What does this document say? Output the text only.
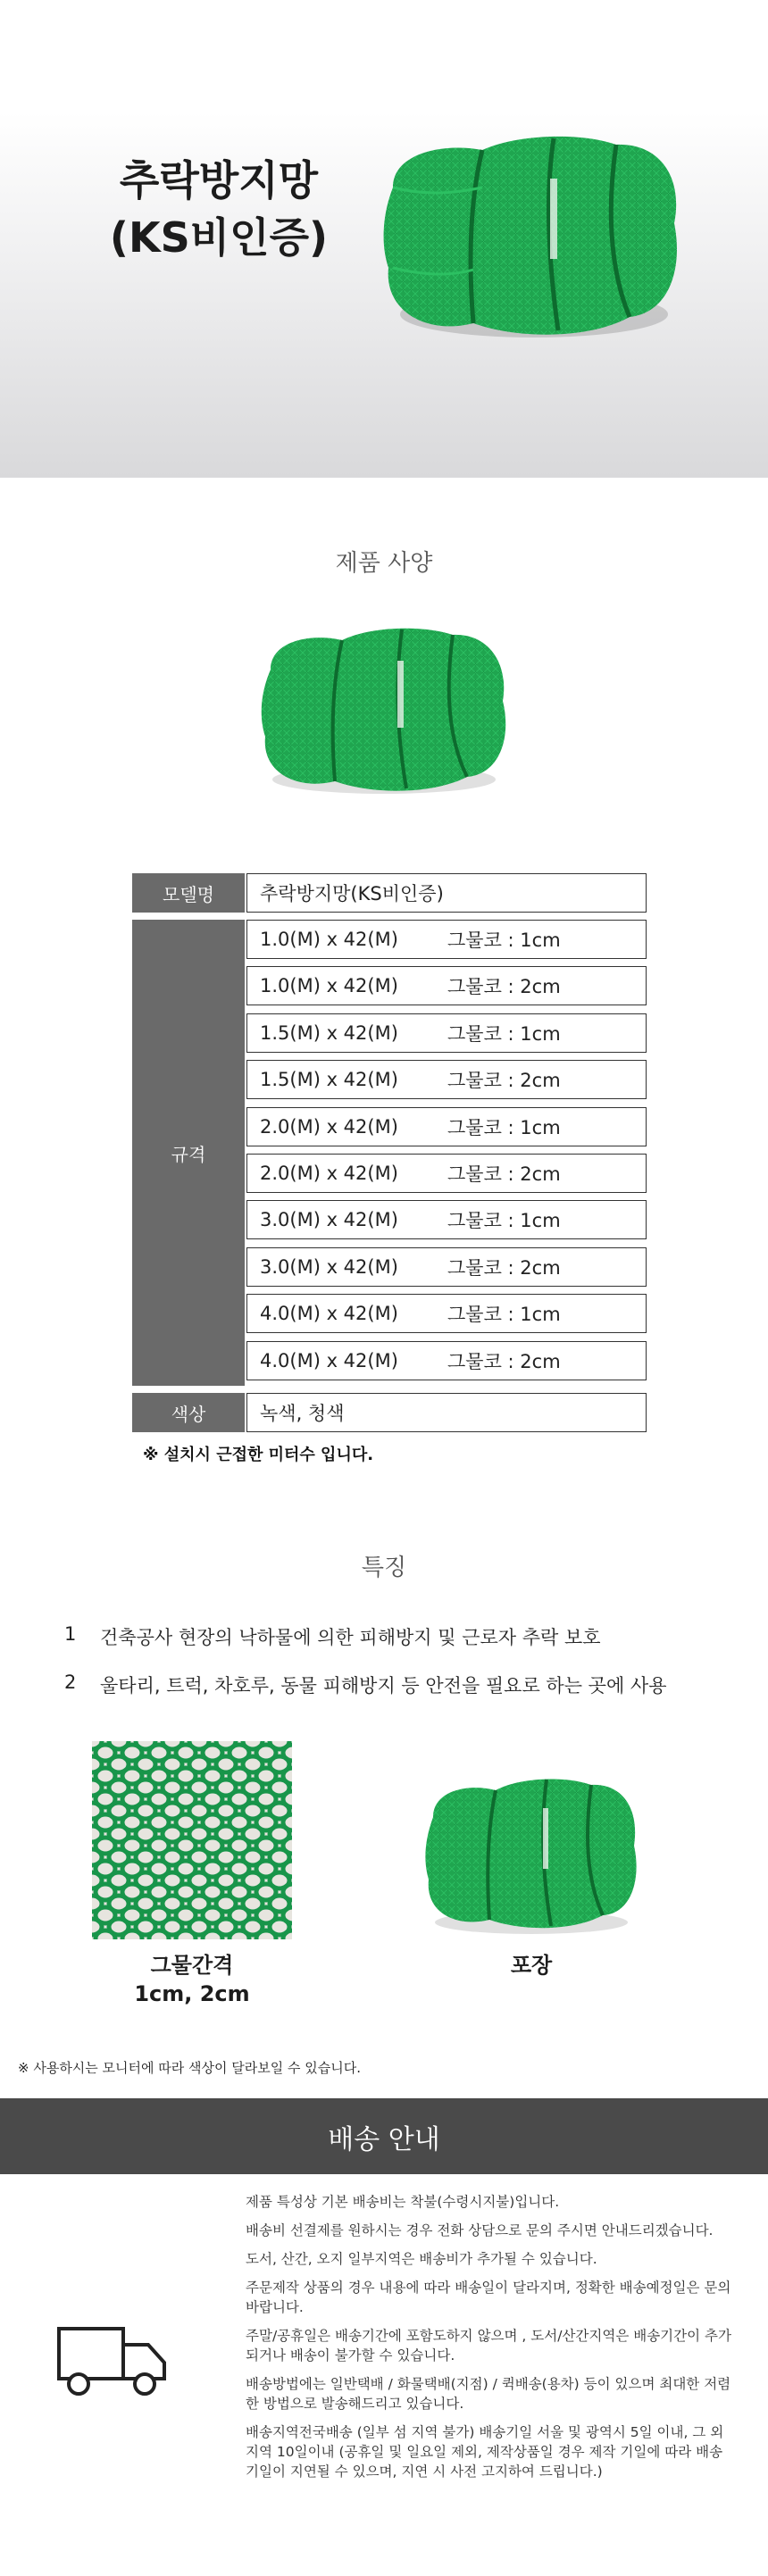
추락방지망
(KS비인증)
제품 사양
모델명	추락방지망(KS비인증)
규격
1.0(M) x 42(M)	그물코 : 1cm
1.0(M) x 42(M)	그물코 : 2cm
1.5(M) x 42(M)	그물코 : 1cm
1.5(M) x 42(M)	그물코 : 2cm
2.0(M) x 42(M)	그물코 : 1cm
2.0(M) x 42(M)	그물코 : 2cm
3.0(M) x 42(M)	그물코 : 1cm
3.0(M) x 42(M)	그물코 : 2cm
4.0(M) x 42(M)	그물코 : 1cm
4.0(M) x 42(M)	그물코 : 2cm
색상	녹색, 청색
※ 설치시 근접한 미터수 입니다.
특징
1	건축공사 현장의 낙하물에 의한 피해방지 및 근로자 추락 보호
2	울타리, 트럭, 차호루, 동물 피해방지 등 안전을 필요로 하는 곳에 사용
그물간격
1cm, 2cm
포장
※ 사용하시는 모니터에 따라 색상이 달라보일 수 있습니다.
배송 안내
제품 특성상 기본 배송비는 착불(수령시지불)입니다.
배송비 선결제를 원하시는 경우 전화 상담으로 문의 주시면 안내드리겠습니다.
도서, 산간, 오지 일부지역은 배송비가 추가될 수 있습니다.
주문제작 상품의 경우 내용에 따라 배송일이 달라지며, 정확한 배송예정일은 문의 바랍니다.
주말/공휴일은 배송기간에 포함도하지 않으며 , 도서/산간지역은 배송기간이 추가되거나 배송이 불가할 수 있습니다.
배송방법에는 일반택배 / 화물택배(지점) / 퀵배송(용차) 등이 있으며 최대한 저렴한 방법으로 발송해드리고 있습니다.
배송지역전국배송 (일부 섬 지역 불가) 배송기일 서울 및 광역시 5일 이내, 그 외 지역 10일이내 (공휴일 및 일요일 제외, 제작상품일 경우 제작 기일에 따라 배송 기일이 지연될 수 있으며, 지연 시 사전 고지하여 드립니다.)
